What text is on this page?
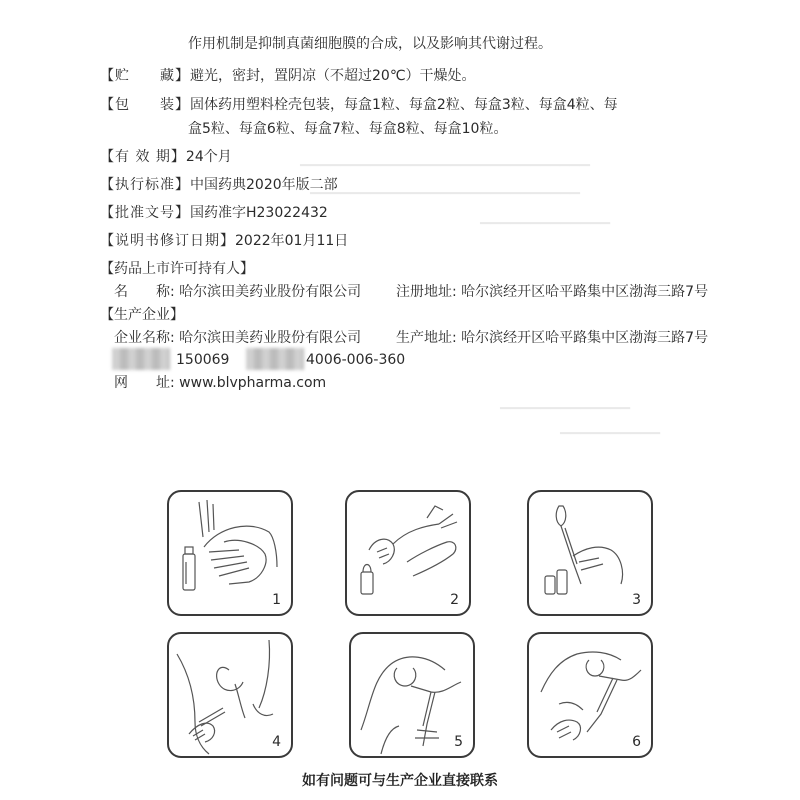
▁▁▁▁▁▁▁▁▁▁▁▁▁▁▁▁▁▁▁▁▁▁▁▁▁▁▁▁▁
▁▁▁▁▁▁▁▁▁▁▁▁▁▁▁▁▁▁▁▁▁▁▁▁▁▁▁
▁▁▁▁▁▁▁▁▁▁▁▁▁
▁▁▁▁▁▁▁▁▁▁▁▁▁
▁▁▁▁▁▁▁▁▁▁
作用机制是抑制真菌细胞膜的合成，以及影响其代谢过程。
【贮　　藏】避光，密封，置阴凉（不超过20℃）干燥处。
【包　　装】固体药用塑料栓壳包装，每盒1粒、每盒2粒、每盒3粒、每盒4粒、每
盒5粒、每盒6粒、每盒7粒、每盒8粒、每盒10粒。
【有 效 期】24个月
【执行标准】中国药典2020年版二部
【批准文号】国药准字H23022432
【说明书修订日期】2022年01月11日
【药品上市许可持有人】
名　　称: 哈尔滨田美药业股份有限公司 注册地址: 哈尔滨经开区哈平路集中区渤海三路7号
【生产企业】
企业名称: 哈尔滨田美药业股份有限公司 生产地址: 哈尔滨经开区哈平路集中区渤海三路7号
150069	4006-006-360
网　　址: www.blvpharma.com
1	2	3
4	5	6
如有问题可与生产企业直接联系
